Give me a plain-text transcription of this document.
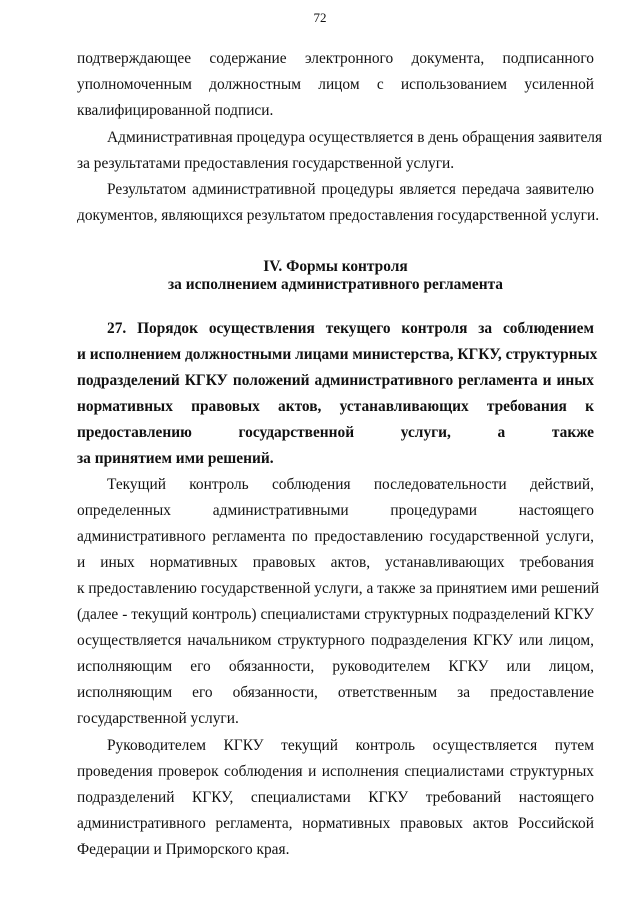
72
подтверждающее содержание электронного документа, подписанного
уполномоченным должностным лицом с использованием усиленной
квалифицированной подписи.
Административная процедура осуществляется в день обращения заявителя
за результатами предоставления государственной услуги.
Результатом административной процедуры является передача заявителю
документов, являющихся результатом предоставления государственной услуги.
IV. Формы контроля
за исполнением административного регламента
27. Порядок осуществления текущего контроля за соблюдением
и исполнением должностными лицами министерства, КГКУ, структурных
подразделений КГКУ положений административного регламента и иных
нормативных правовых актов, устанавливающих требования к
предоставлению государственной услуги, а также
за принятием ими решений.
Текущий контроль соблюдения последовательности действий,
определенных административными процедурами настоящего
административного регламента по предоставлению государственной услуги,
и иных нормативных правовых актов, устанавливающих требования
к предоставлению государственной услуги, а также за принятием ими решений
(далее - текущий контроль) специалистами структурных подразделений КГКУ
осуществляется начальником структурного подразделения КГКУ или лицом,
исполняющим его обязанности, руководителем КГКУ или лицом,
исполняющим его обязанности, ответственным за предоставление
государственной услуги.
Руководителем КГКУ текущий контроль осуществляется путем
проведения проверок соблюдения и исполнения специалистами структурных
подразделений КГКУ, специалистами КГКУ требований настоящего
административного регламента, нормативных правовых актов Российской
Федерации и Приморского края.
